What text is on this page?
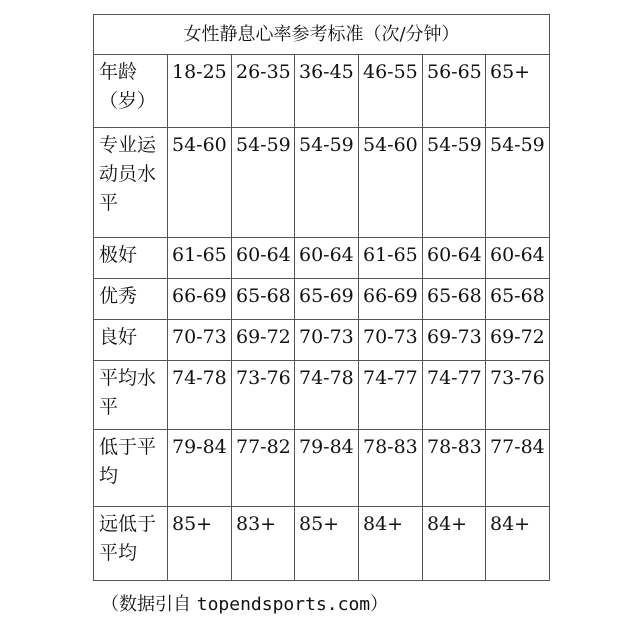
女性静息心率参考标准（次/分钟）						

年龄
（岁）	18-25	26-35	36-45	46-55	56-65	65+

专业运
动员水
平	54-60	54-59	54-59	54-60	54-59	54-59

极好	61-65	60-64	60-64	61-65	60-64	60-64

优秀	66-69	65-68	65-69	66-69	65-68	65-68

良好	70-73	69-72	70-73	70-73	69-73	69-72

平均水
平	74-78	73-76	74-78	74-77	74-77	73-76

低于平
均	79-84	77-82	79-84	78-83	78-83	77-84

远低于
平均	85+	83+	85+	84+	84+	84+
（数据引自 topendsports.com）
